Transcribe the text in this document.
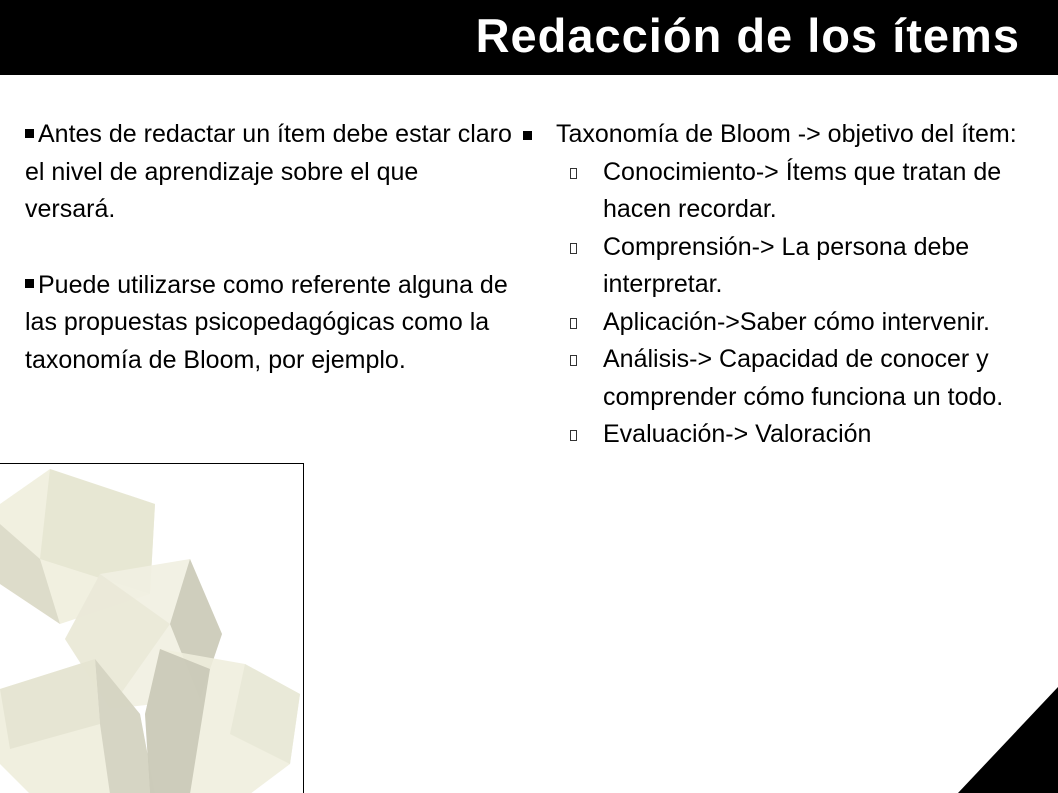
Redacción de los ítems

Antes de redactar un ítem debe estar claro el nivel de aprendizaje sobre el que versará.

Puede utilizarse como referente alguna de las propuestas psicopedagógicas como la taxonomía de Bloom, por ejemplo.

Taxonomía de Bloom -> objetivo del ítem:
Conocimiento-> Ítems que tratan de hacen recordar.
Comprensión-> La persona debe interpretar.
Aplicación->Saber cómo intervenir.
Análisis-> Capacidad de conocer y comprender cómo funciona un todo.
Evaluación-> Valoración
